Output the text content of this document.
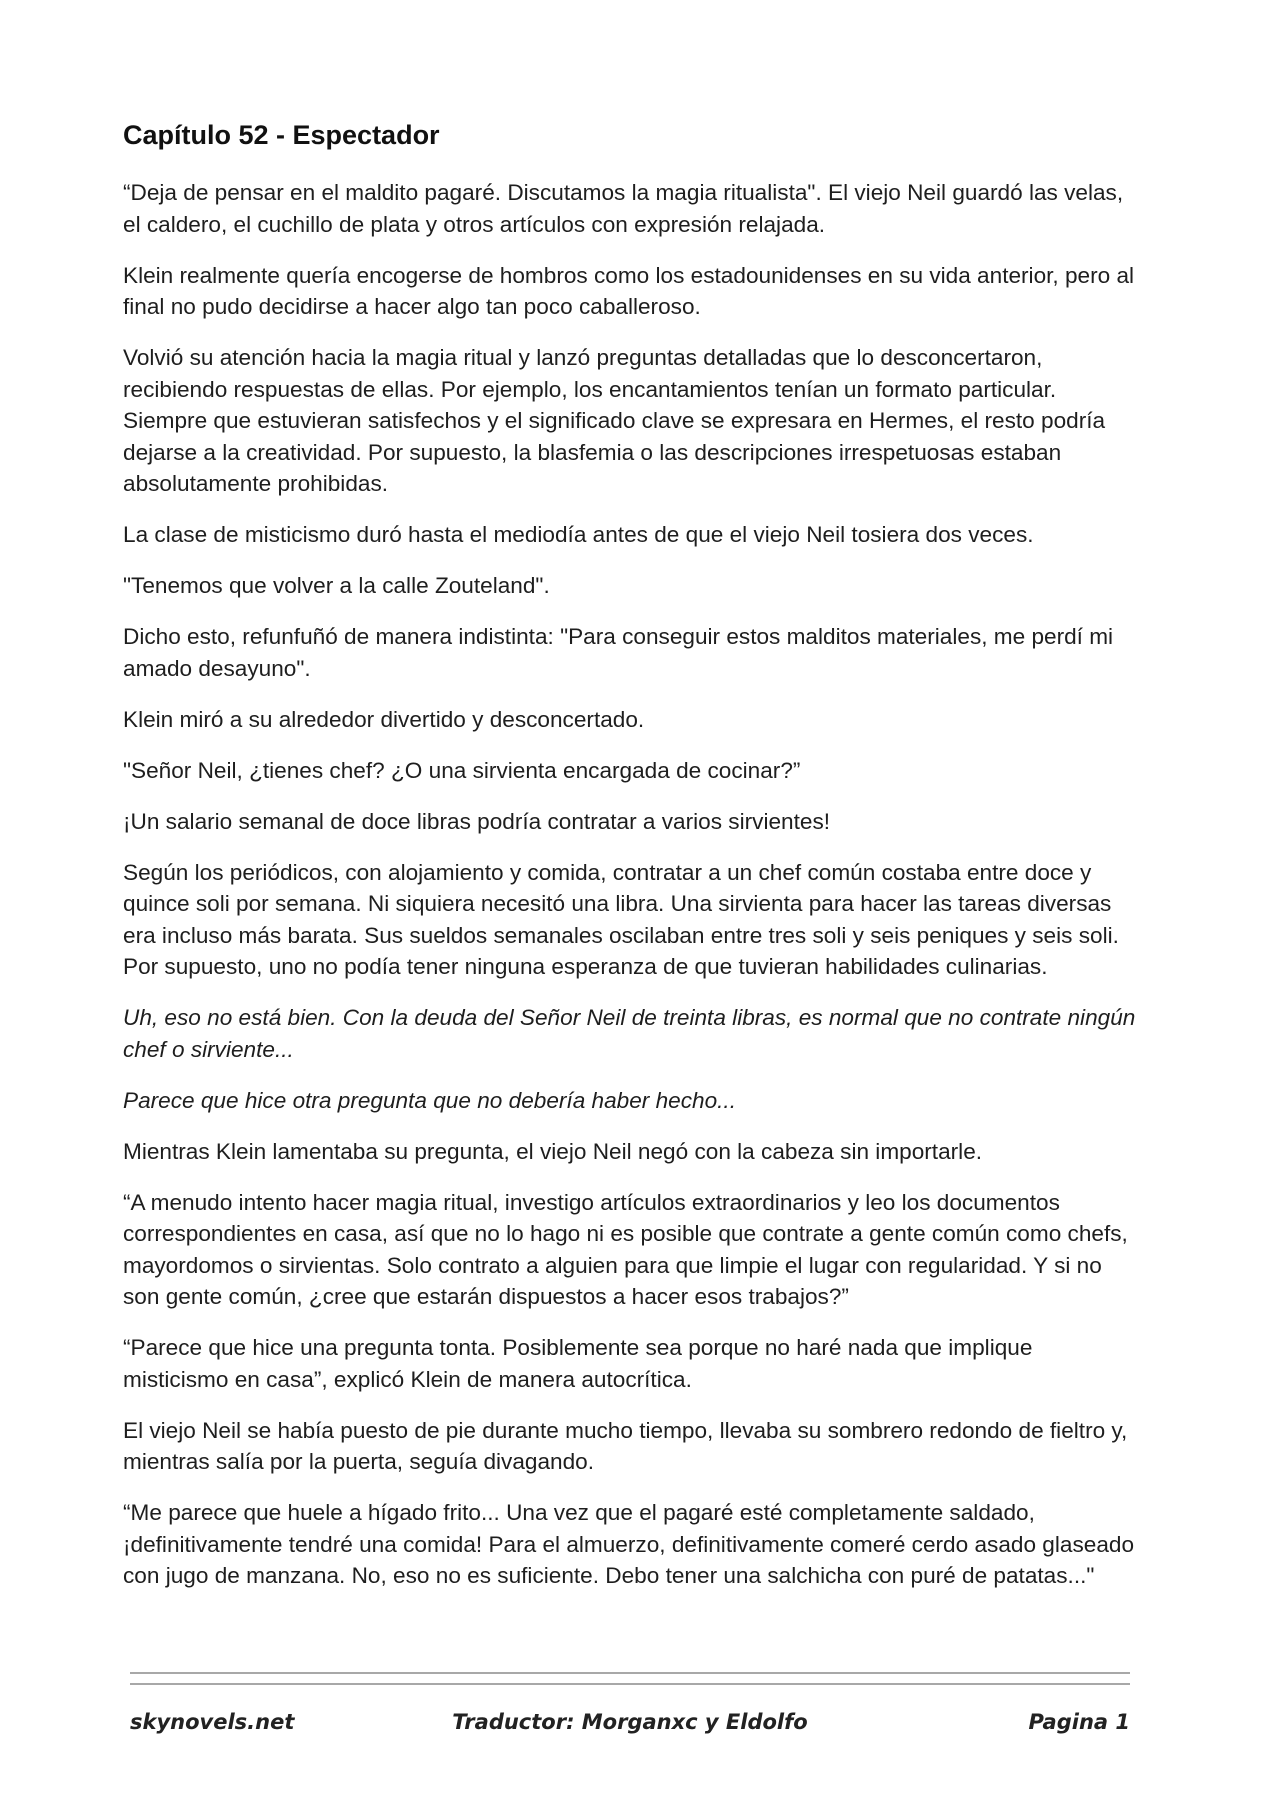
Capítulo 52 - Espectador

“Deja de pensar en el maldito pagaré. Discutamos la magia ritualista". El viejo Neil guardó las velas, el caldero, el cuchillo de plata y otros artículos con expresión relajada.

Klein realmente quería encogerse de hombros como los estadounidenses en su vida anterior, pero al final no pudo decidirse a hacer algo tan poco caballeroso.

Volvió su atención hacia la magia ritual y lanzó preguntas detalladas que lo desconcertaron, recibiendo respuestas de ellas. Por ejemplo, los encantamientos tenían un formato particular. Siempre que estuvieran satisfechos y el significado clave se expresara en Hermes, el resto podría dejarse a la creatividad. Por supuesto, la blasfemia o las descripciones irrespetuosas estaban absolutamente prohibidas.

La clase de misticismo duró hasta el mediodía antes de que el viejo Neil tosiera dos veces.

"Tenemos que volver a la calle Zouteland".

Dicho esto, refunfuñó de manera indistinta: "Para conseguir estos malditos materiales, me perdí mi amado desayuno".

Klein miró a su alrededor divertido y desconcertado.

"Señor Neil, ¿tienes chef? ¿O una sirvienta encargada de cocinar?”

¡Un salario semanal de doce libras podría contratar a varios sirvientes!

Según los periódicos, con alojamiento y comida, contratar a un chef común costaba entre doce y quince soli por semana. Ni siquiera necesitó una libra. Una sirvienta para hacer las tareas diversas era incluso más barata. Sus sueldos semanales oscilaban entre tres soli y seis peniques y seis soli. Por supuesto, uno no podía tener ninguna esperanza de que tuvieran habilidades culinarias.

Uh, eso no está bien. Con la deuda del Señor Neil de treinta libras, es normal que no contrate ningún chef o sirviente...

Parece que hice otra pregunta que no debería haber hecho...

Mientras Klein lamentaba su pregunta, el viejo Neil negó con la cabeza sin importarle.

“A menudo intento hacer magia ritual, investigo artículos extraordinarios y leo los documentos correspondientes en casa, así que no lo hago ni es posible que contrate a gente común como chefs, mayordomos o sirvientas. Solo contrato a alguien para que limpie el lugar con regularidad. Y si no son gente común, ¿cree que estarán dispuestos a hacer esos trabajos?”

“Parece que hice una pregunta tonta. Posiblemente sea porque no haré nada que implique misticismo en casa”, explicó Klein de manera autocrítica.

El viejo Neil se había puesto de pie durante mucho tiempo, llevaba su sombrero redondo de fieltro y, mientras salía por la puerta, seguía divagando.

“Me parece que huele a hígado frito... Una vez que el pagaré esté completamente saldado, ¡definitivamente tendré una comida! Para el almuerzo, definitivamente comeré cerdo asado glaseado con jugo de manzana. No, eso no es suficiente. Debo tener una salchicha con puré de patatas..."

skynovels.net	Traductor: Morganxc y Eldolfo	Pagina 1
